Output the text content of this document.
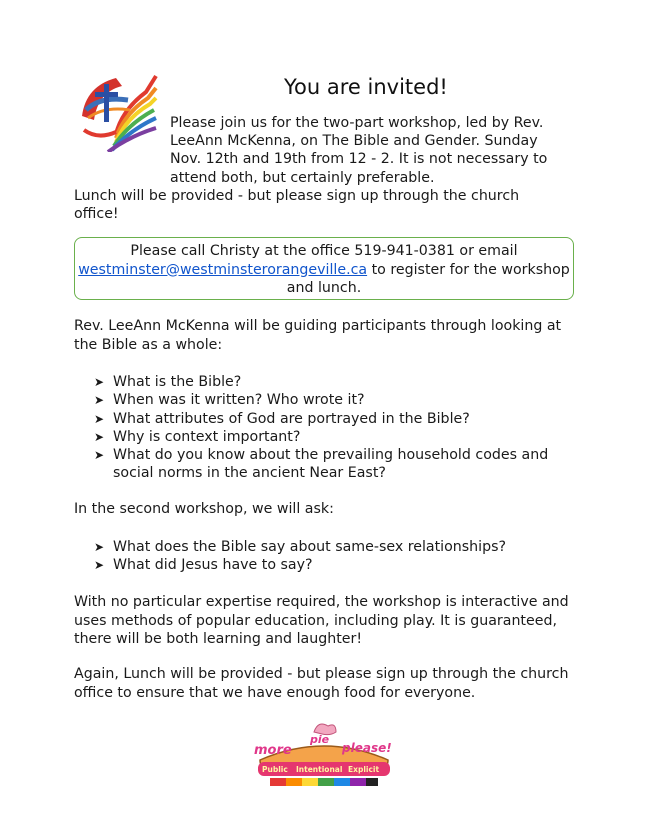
You are invited!

Please join us for the two-part workshop, led by Rev. LeeAnn McKenna, on The Bible and Gender. Sunday Nov. 12th and 19th from 12 - 2. It is not necessary to attend both, but certainly preferable.

Lunch will be provided - but please sign up through the church office!
Please call Christy at the office 519-941-0381 or email
westminster@westminsterorangeville.ca to register for the workshop and lunch.
Rev. LeeAnn McKenna will be guiding participants through looking at the Bible as a whole:
➤ What is the Bible?
➤ When was it written? Who wrote it?
➤ What attributes of God are portrayed in the Bible?
➤ Why is context important?
➤ What do you know about the prevailing household codes and social norms in the ancient Near East?
In the second workshop, we will ask:
➤ What does the Bible say about same-sex relationships?
➤ What did Jesus have to say?
With no particular expertise required, the workshop is interactive and uses methods of popular education, including play. It is guaranteed, there will be both learning and laughter!
Again, Lunch will be provided - but please sign up through the church office to ensure that we have enough food for everyone.
more
pie
please!
Public Intentional Explicit
